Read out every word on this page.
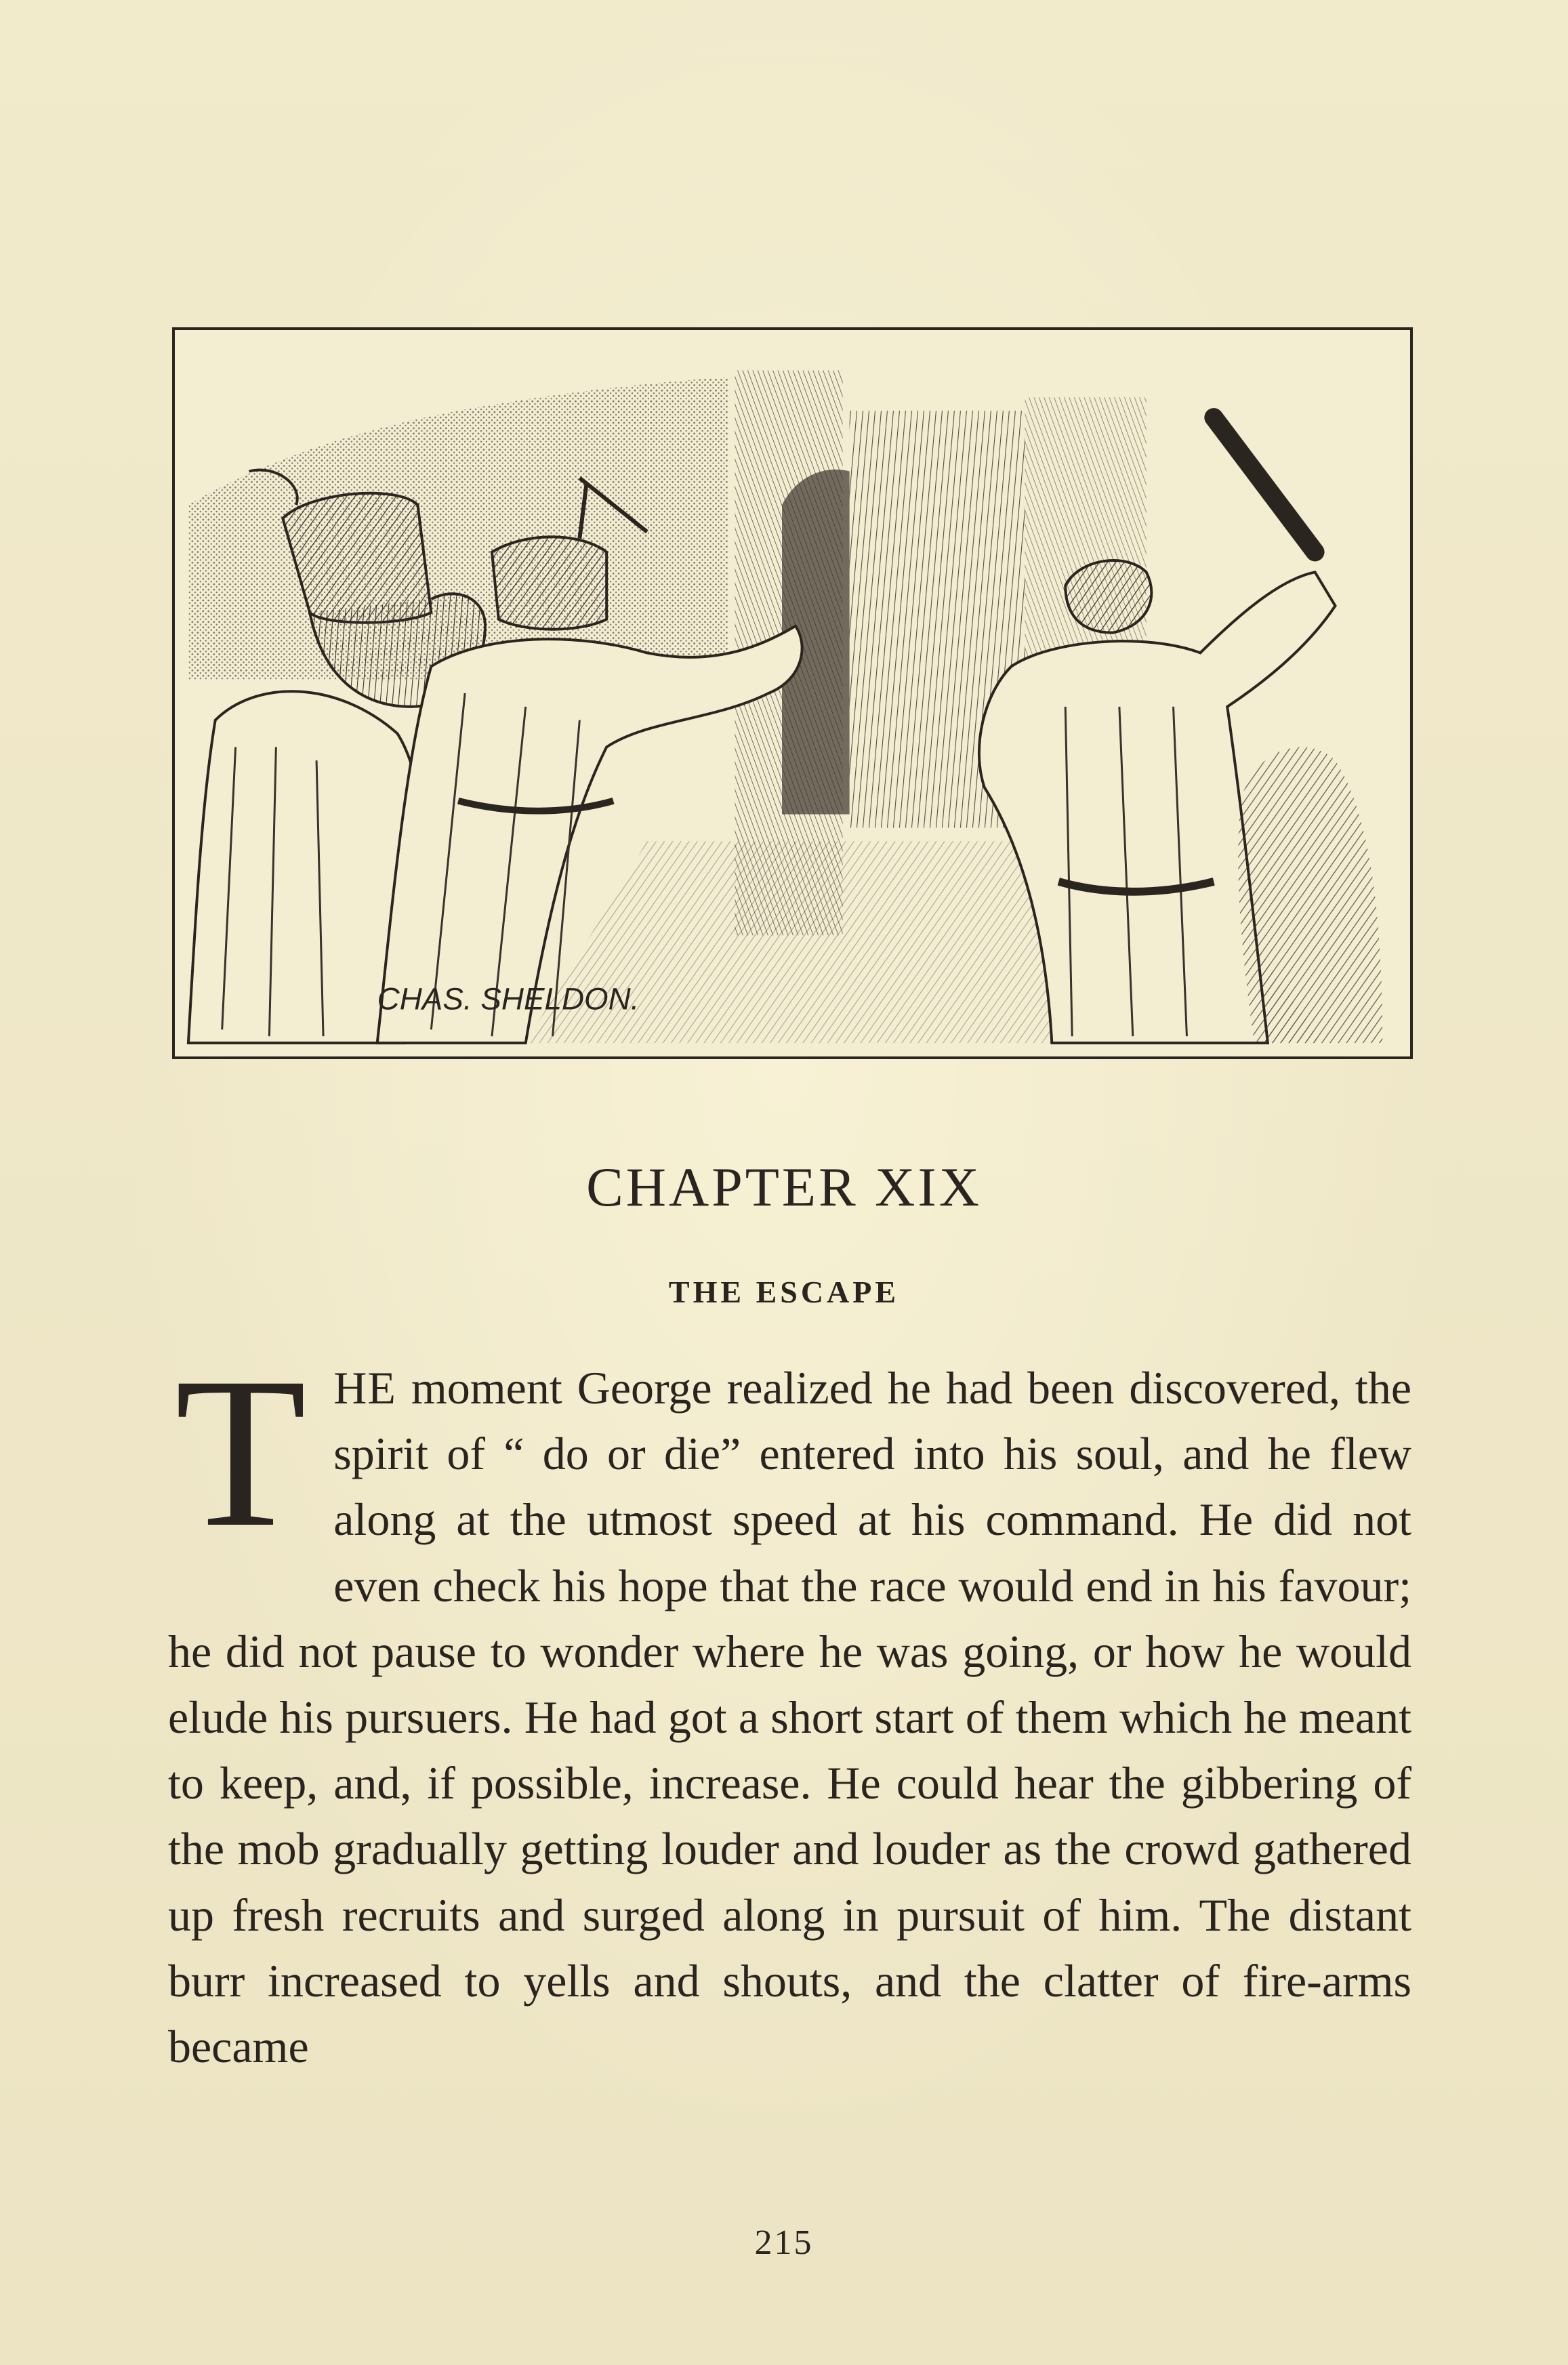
CHAS. SHELDON.
CHAPTER XIX
THE ESCAPE

THE moment George realized he had been discovered, the spirit of “ do or die” entered into his soul, and he flew along at the utmost speed at his command. He did not even check his hope that the race would end in his favour; he did not pause to wonder where he was going, or how he would elude his pursuers. He had got a short start of them which he meant to keep, and, if possible, increase. He could hear the gibbering of the mob gradually getting louder and louder as the crowd gathered up fresh recruits and surged along in pursuit of him. The distant burr increased to yells and shouts, and the clatter of fire-arms became

215
